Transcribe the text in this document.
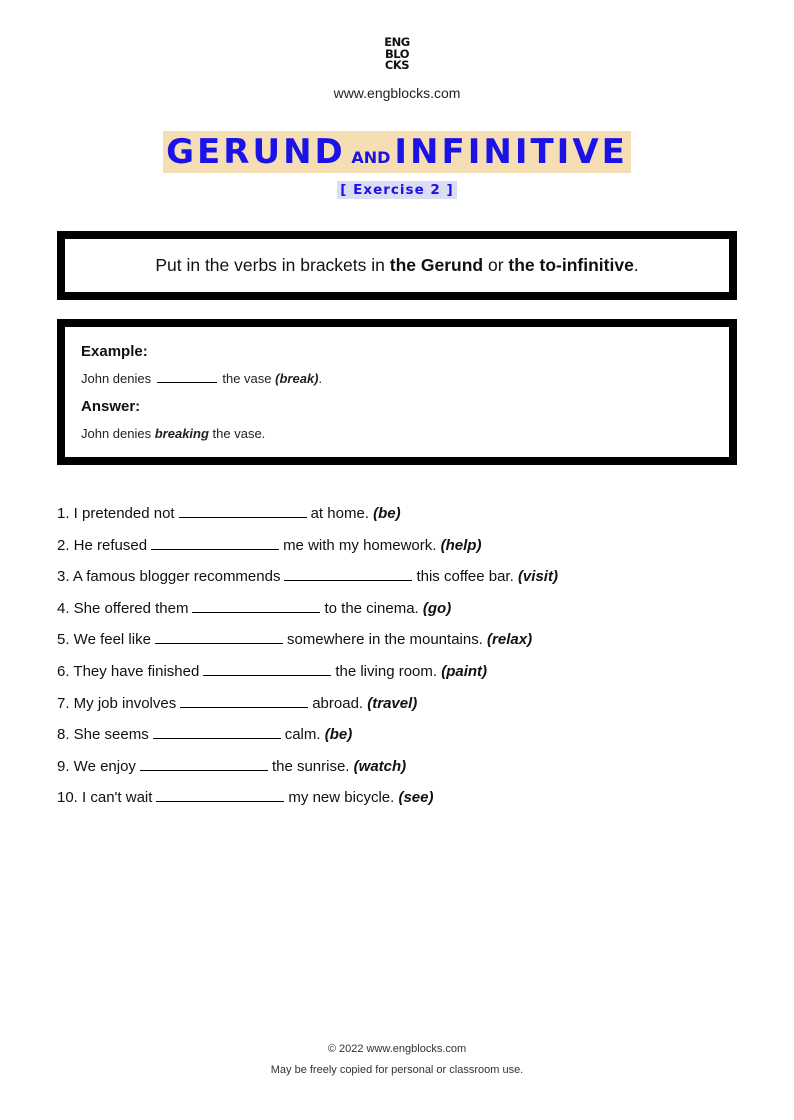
ENG
BLO
CKS
www.engblocks.com
GERUND AND INFINITIVE
[ Exercise 2 ]
Put in the verbs in brackets in the Gerund or the to-infinitive.
Example:
John denies	the vase (break).
Answer:
John denies breaking the vase.
1. I pretended not	at home. (be)
2. He refused	me with my homework. (help)
3. A famous blogger recommends	this coffee bar. (visit)
4. She offered them	to the cinema. (go)
5. We feel like	somewhere in the mountains. (relax)
6. They have finished	the living room. (paint)
7. My job involves	abroad. (travel)
8. She seems	calm. (be)
9. We enjoy	the sunrise. (watch)
10. I can't wait	my new bicycle. (see)
© 2022 www.engblocks.com
May be freely copied for personal or classroom use.
